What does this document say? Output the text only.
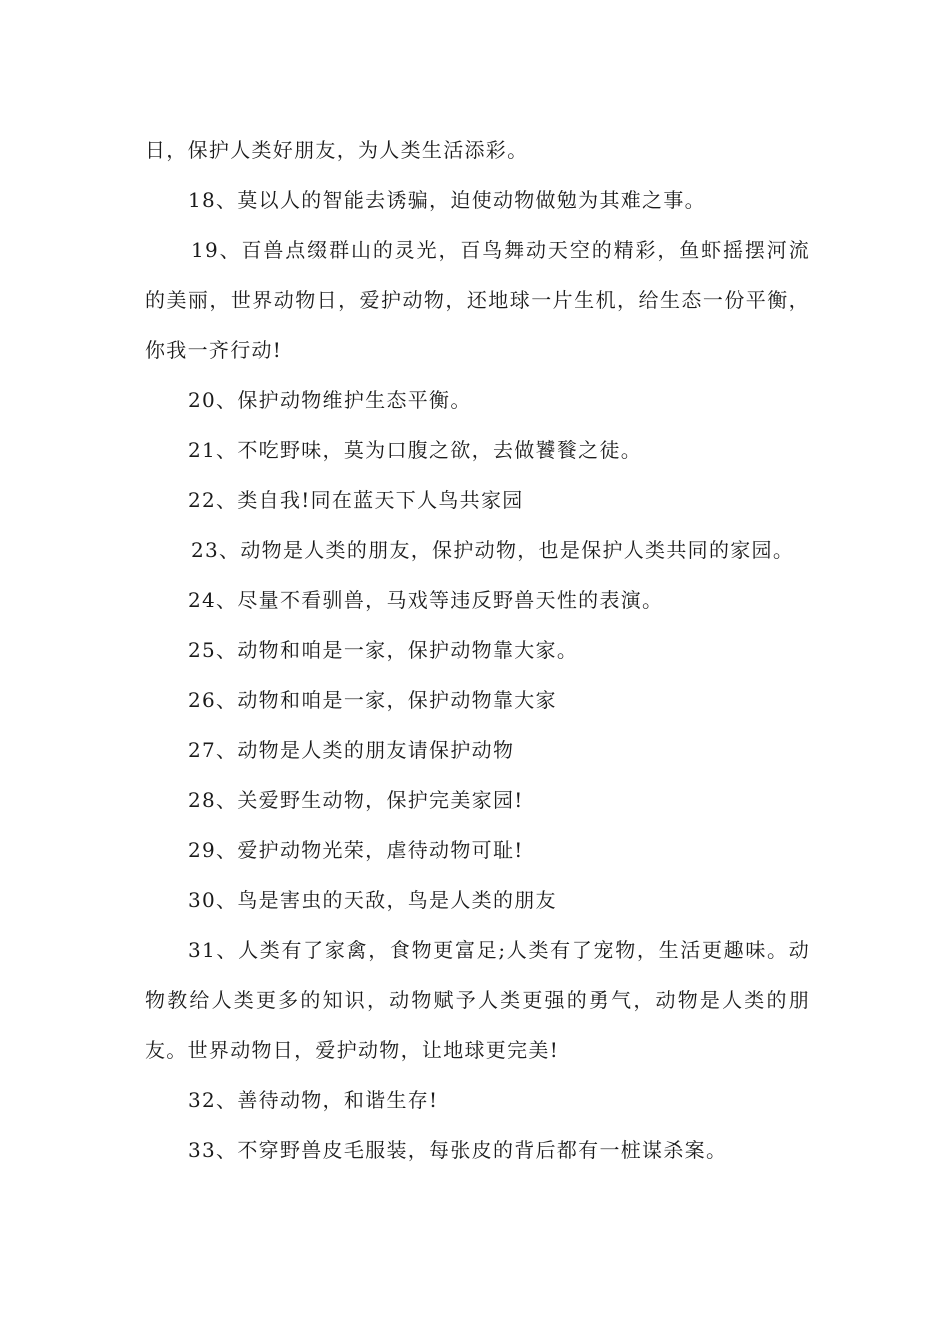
日，保护人类好朋友，为人类生活添彩。

18、莫以人的智能去诱骗，迫使动物做勉为其难之事。

19、百兽点缀群山的灵光，百鸟舞动天空的精彩，鱼虾摇摆河流的美丽，世界动物日，爱护动物，还地球一片生机，给生态一份平衡，你我一齐行动!

20、保护动物维护生态平衡。

21、不吃野味，莫为口腹之欲，去做饕餮之徒。

22、类自我!同在蓝天下人鸟共家园

23、动物是人类的朋友，保护动物，也是保护人类共同的家园。

24、尽量不看驯兽，马戏等违反野兽天性的表演。

25、动物和咱是一家，保护动物靠大家。

26、动物和咱是一家，保护动物靠大家

27、动物是人类的朋友请保护动物

28、关爱野生动物，保护完美家园!

29、爱护动物光荣，虐待动物可耻!

30、鸟是害虫的天敌，鸟是人类的朋友

31、人类有了家禽，食物更富足;人类有了宠物，生活更趣味。动物教给人类更多的知识，动物赋予人类更强的勇气，动物是人类的朋友。世界动物日，爱护动物，让地球更完美!

32、善待动物，和谐生存!

33、不穿野兽皮毛服装，每张皮的背后都有一桩谋杀案。
